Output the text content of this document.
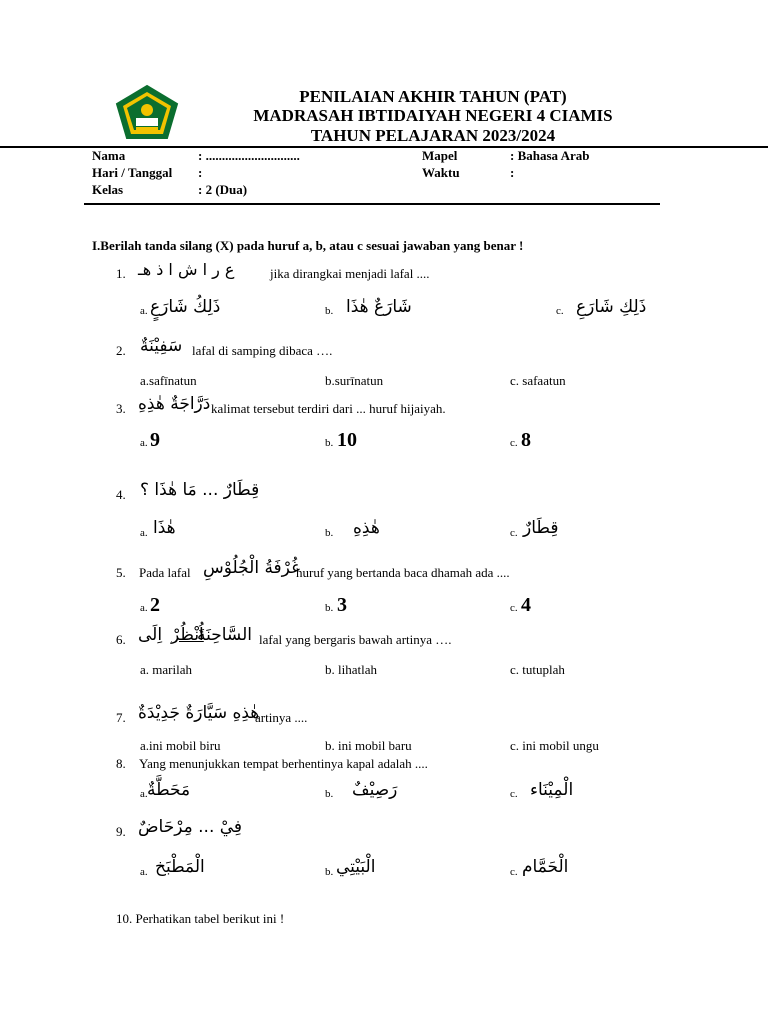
PENILAIAN AKHIR TAHUN (PAT)
MADRASAH IBTIDAIYAH NEGERI 4 CIAMIS
TAHUN PELAJARAN 2023/2024
Nama	: .............................	Mapel	: Bahasa Arab
Hari / Tanggal :	Waktu	:
Kelas	: 2 (Dua)
I.Berilah tanda silang (X) pada huruf a, b, atau c sesuai jawaban yang benar !
1. ع ر ا ش ا ذ هـ	jika dirangkai menjadi lafal ....
a. ذَلِكُ شَارَعٍ	b. شَارَعٌ هٰذَا	c. ذَلِكِ شَارَعِ
2. سَفِيْنَةٌ lafal di samping dibaca ….
a.safīnatun	b.surīnatun	c. safaatun
3. دَرَّاجَةٌ هٰذِهِ kalimat tersebut terdiri dari ... huruf hijaiyah.
a. 9	b. 10	c. 8
4. قِطَارٌ ... مَا هٰذَا ؟
a. هٰذَا	b. هٰذِهِ	c. قِطَارٌ
5. Pada lafal غُرْفَةُ الْجُلُوْسِ
huruf yang bertanda baca dhamah ada ....
a. 2	b. 3	c. 4
6. اِلَى اُنْظُرْ
السَّاحِنَةَ lafal yang bergaris bawah artinya ….
a. marilah	b. lihatlah	c. tutuplah
7. هٰذِهِ سَيَّارَةٌ جَدِيْدَةٌ
artinya ....
a.ini mobil biru	b. ini mobil baru	c. ini mobil ungu
8. Yang menunjukkan tempat berhentinya kapal adalah ....
a. مَحَطَّةٌ	b. رَصِيْفٌ	c. الْمِيْنَاء
9. فِيْ ... مِرْحَاضٌ
a. الْمَطْبَخ	b. الْبَيْتِي	c. الْحَمَّام
10. Perhatikan tabel berikut ini !
